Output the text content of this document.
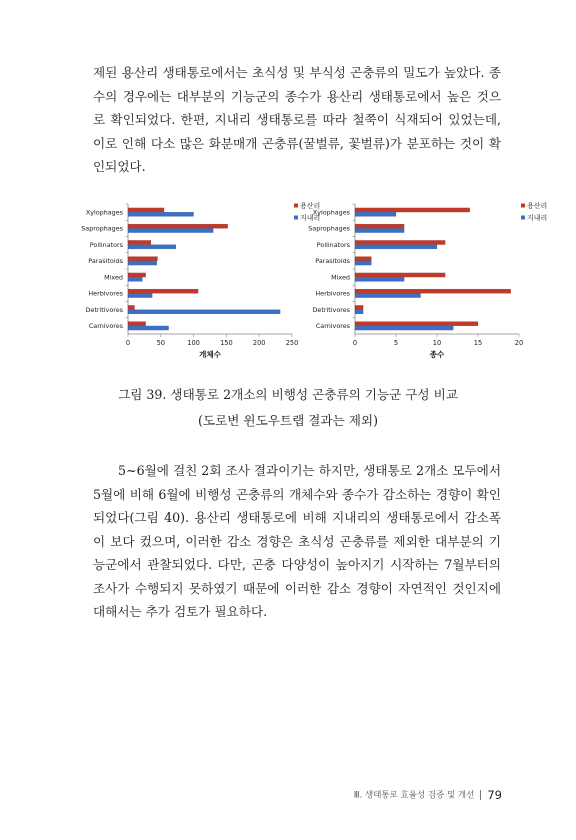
제된 용산리 생태통로에서는 초식성 및 부식성 곤충류의 밀도가 높았다. 종수의 경우에는 대부분의 기능군의 종수가 용산리 생태통로에서 높은 것으로 확인되었다. 한편, 지내리 생태통로를 따라 철쭉이 식재되어 있었는데, 이로 인해 다소 많은 화분매개 곤충류(꿀벌류, 꽃벌류)가 분포하는 것이 확인되었다.

Xylophages
Saprophages
Pollinators
Parasitoids
Mixed
Herbivores
Detritivores
Carnivores
0	50	100	150	200	250
개체수
용산리
지내리
Xylophages
Saprophages
Pollinators
Parasitoids
Mixed
Herbivores
Detritivores
Carnivores
0	5	10	15	20
종수
용산리
지내리

그림 39. 생태통로 2개소의 비행성 곤충류의 기능군 구성 비교

(도로변 윈도우트랩 결과는 제외)

5~6월에 걸친 2회 조사 결과이기는 하지만, 생태통로 2개소 모두에서 5월에 비해 6월에 비행성 곤충류의 개체수와 종수가 감소하는 경향이 확인되었다(그림 40). 용산리 생태통로에 비해 지내리의 생태통로에서 감소폭이 보다 컸으며, 이러한 감소 경향은 초식성 곤충류를 제외한 대부분의 기능군에서 관찰되었다. 다만, 곤충 다양성이 높아지기 시작하는 7월부터의 조사가 수행되지 못하였기 때문에 이러한 감소 경향이 자연적인 것인지에 대해서는 추가 검토가 필요하다.

Ⅲ. 생태통로 효율성 검증 및 개선 79
